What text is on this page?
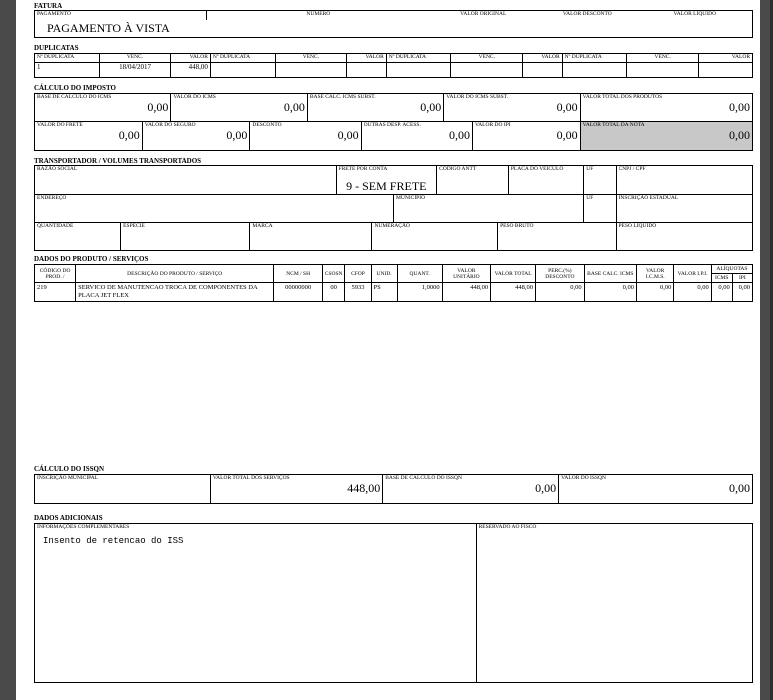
FATURA
PAGAMENTO	NÚMERO	VALOR ORIGINAL	VALOR DESCONTO	VALOR LÍQUIDO

PAGAMENTO À VISTA
DUPLICATAS
Nº DUPLICATA	VENC.	VALOR	Nº DUPLICATA	VENC.	VALOR	Nº DUPLICATA	VENC.	VALOR	Nº DUPLICATA	VENC.	VALOR
1	18/04/2017	448,00									
CÁLCULO DO IMPOSTO
BASE DE CÁLCULO DO ICMS
0,00

VALOR DO ICMS
0,00

BASE CALC. ICMS SUBST.
0,00

VALOR DO ICMS SUBST.
0,00

VALOR TOTAL DOS PRODUTOS
0,00
VALOR DO FRETE
0,00

VALOR DO SEGURO
0,00

DESCONTO
0,00

OUTRAS DESP. ACESS.
0,00

VALOR DO IPI
0,00

VALOR TOTAL DA NOTA
0,00
TRANSPORTADOR / VOLUMES TRANSPORTADOS
RAZÃO SOCIAL	FRETE POR CONTA
9 - SEM FRETE

CÓDIGO ANTT	PLACA DO VEÍCULO	UF	CNPJ / CPF
ENDEREÇO	MUNICÍPIO	UF	INSCRIÇÃO ESTADUAL
QUANTIDADE	ESPÉCIE	MARCA	NUMERAÇÃO	PESO BRUTO	PESO LÍQUIDO
DADOS DO PRODUTO / SERVIÇOS
CÓDIGO DO PROD. /	DESCRIÇÃO DO PRODUTO / SERVIÇO	NCM / SH	CSOSN	CFOP	UNID.	QUANT.	VALOR UNITÁRIO	VALOR TOTAL	PERC.(%) DESCONTO	BASE CALC. ICMS	VALOR I.C.M.S.	VALOR I.P.I.	ALÍQUOTAS	
													ICMS	IPI
219	SERVICO DE MANUTENCAO TROCA DE COMPONENTES DA PLACA JET FLEX	00000000	00	5933	PS	1,0000	448,00	448,00	0,00	0,00	0,00	0,00	0,00	0,00
CÁLCULO DO ISSQN
INSCRIÇÃO MUNICIPAL	VALOR TOTAL DOS SERVIÇOS
448,00

BASE DE CÁLCULO DO ISSQN
0,00

VALOR DO ISSQN
0,00
DADOS ADICIONAIS
INFORMAÇÕES COMPLEMENTARES
Insento de retencao do ISS

RESERVADO AO FISCO
